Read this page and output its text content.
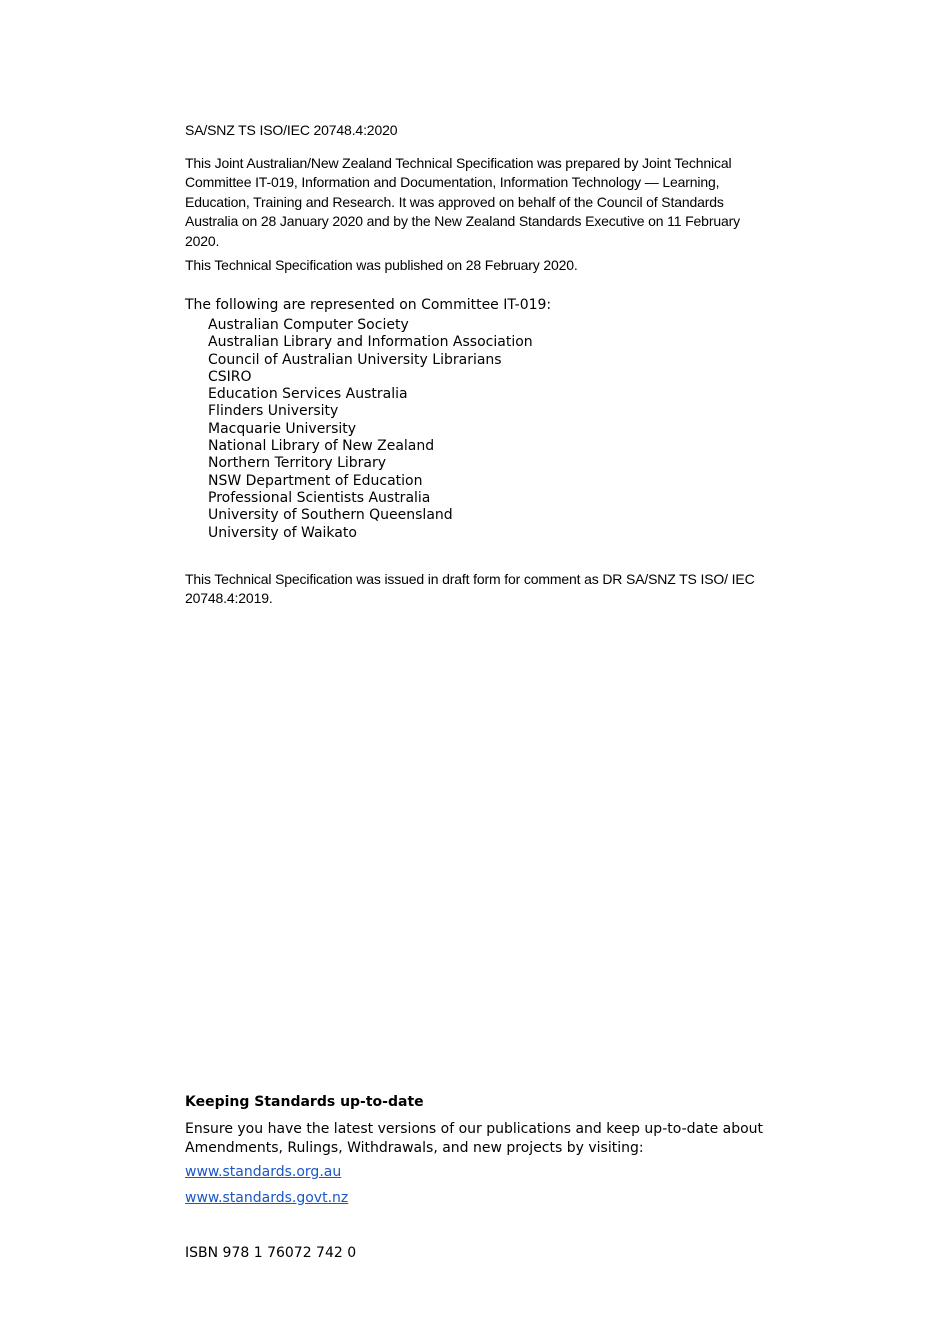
SA/SNZ TS ISO/IEC 20748.4:2020

This Joint Australian/New Zealand Technical Specification was prepared by Joint Technical Committee IT-019, Information and Documentation, Information Technology — Learning, Education, Training and Research. It was approved on behalf of the Council of Standards Australia on 28 January 2020 and by the New Zealand Standards Executive on 11 February 2020.

This Technical Specification was published on 28 February 2020.

The following are represented on Committee IT-019:

Australian Computer Society
Australian Library and Information Association
Council of Australian University Librarians
CSIRO
Education Services Australia
Flinders University
Macquarie University
National Library of New Zealand
Northern Territory Library
NSW Department of Education
Professional Scientists Australia
University of Southern Queensland
University of Waikato

This Technical Specification was issued in draft form for comment as DR SA/SNZ TS ISO/ IEC 20748.4:2019.

Keeping Standards up-to-date

Ensure you have the latest versions of our publications and keep up-to-date about Amendments, Rulings, Withdrawals, and new projects by visiting:

www.standards.org.au
www.standards.govt.nz

ISBN 978 1 76072 742 0
